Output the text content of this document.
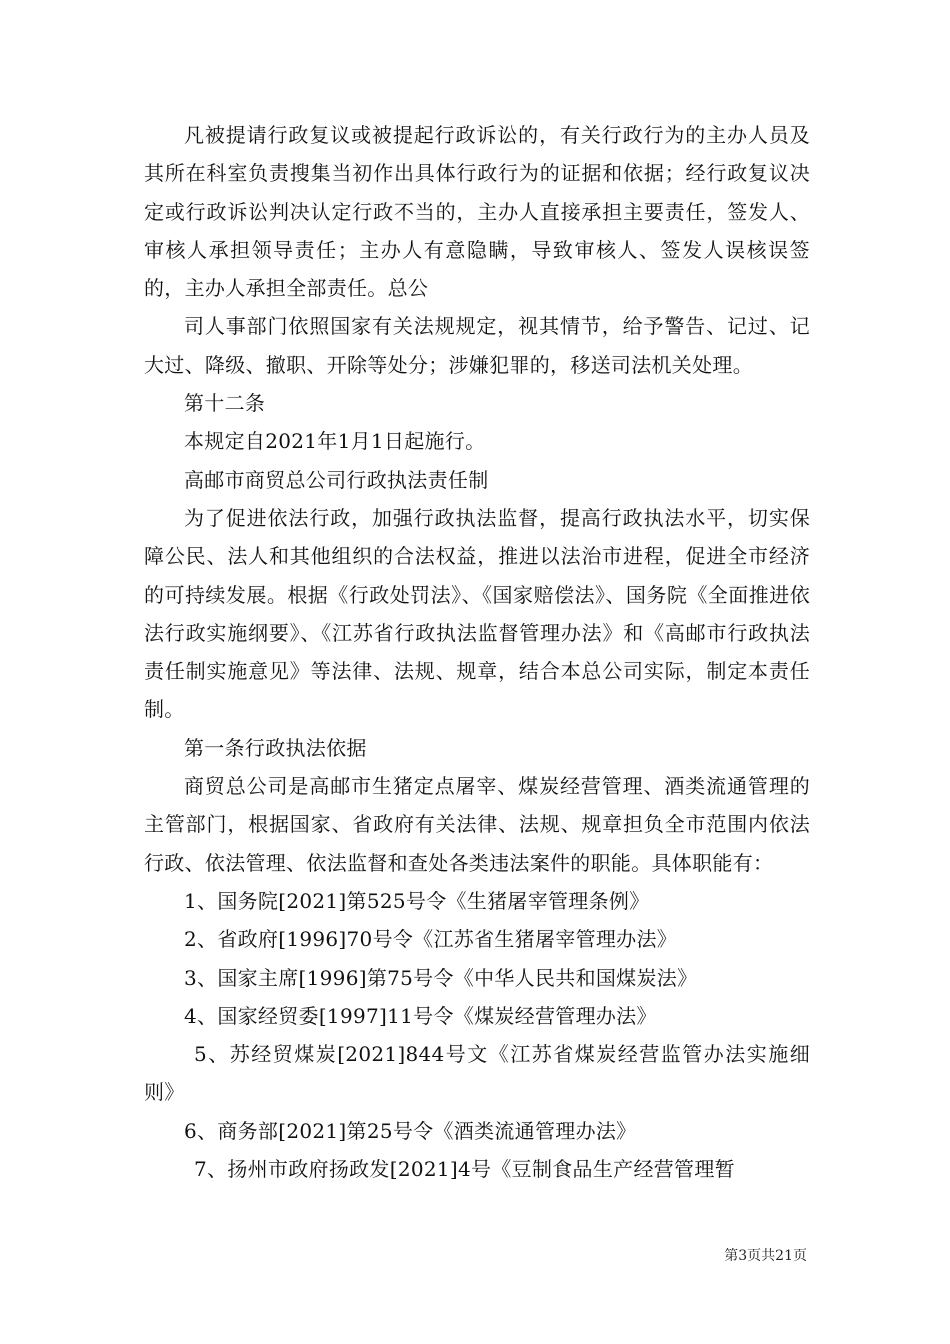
凡被提请行政复议或被提起行政诉讼的，有关行政行为的主办人员及其所在科室负责搜集当初作出具体行政行为的证据和依据；经行政复议决定或行政诉讼判决认定行政不当的，主办人直接承担主要责任，签发人、审核人承担领导责任；主办人有意隐瞒，导致审核人、签发人误核误签的，主办人承担全部责任。总公

司人事部门依照国家有关法规规定，视其情节，给予警告、记过、记大过、降级、撤职、开除等处分；涉嫌犯罪的，移送司法机关处理。

第十二条

本规定自2021年1月1日起施行。

高邮市商贸总公司行政执法责任制

为了促进依法行政，加强行政执法监督，提高行政执法水平，切实保障公民、法人和其他组织的合法权益，推进以法治市进程，促进全市经济的可持续发展。根据《行政处罚法》、《国家赔偿法》、国务院《全面推进依法行政实施纲要》、《江苏省行政执法监督管理办法》和《高邮市行政执法责任制实施意见》等法律、法规、规章，结合本总公司实际，制定本责任制。

第一条行政执法依据

商贸总公司是高邮市生猪定点屠宰、煤炭经营管理、酒类流通管理的主管部门，根据国家、省政府有关法律、法规、规章担负全市范围内依法行政、依法管理、依法监督和查处各类违法案件的职能。具体职能有：

1、国务院[2021]第525号令《生猪屠宰管理条例》

2、省政府[1996]70号令《江苏省生猪屠宰管理办法》

3、国家主席[1996]第75号令《中华人民共和国煤炭法》

4、国家经贸委[1997]11号令《煤炭经营管理办法》

5、苏经贸煤炭[2021]844号文《江苏省煤炭经营监管办法实施细则》

6、商务部[2021]第25号令《酒类流通管理办法》

7、扬州市政府扬政发[2021]4号《豆制食品生产经营管理暂

第3页共21页
